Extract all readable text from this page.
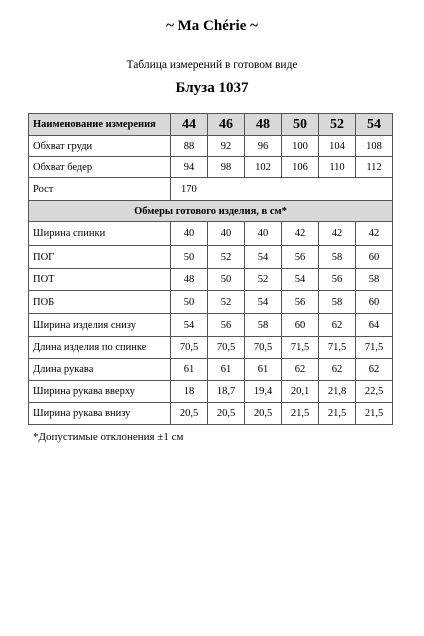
~ Ma Chérie ~
Таблица измерений в готовом виде
Блуза 1037
Наименование измерения	44	46	48	50	52	54
Обхват груди	88	92	96	100	104	108
Обхват бедер	94	98	102	106	110	112
Рост	170					
Обмеры готового изделия, в см*						
Ширина спинки	40	40	40	42	42	42
ПОГ	50	52	54	56	58	60
ПОТ	48	50	52	54	56	58
ПОБ	50	52	54	56	58	60
Ширина изделия снизу	54	56	58	60	62	64
Длина изделия по спинке	70,5	70,5	70,5	71,5	71,5	71,5
Длина рукава	61	61	61	62	62	62
Ширина рукава вверху	18	18,7	19,4	20,1	21,8	22,5
Ширина рукава внизу	20,5	20,5	20,5	21,5	21,5	21,5
*Допустимые отклонения ±1 см
